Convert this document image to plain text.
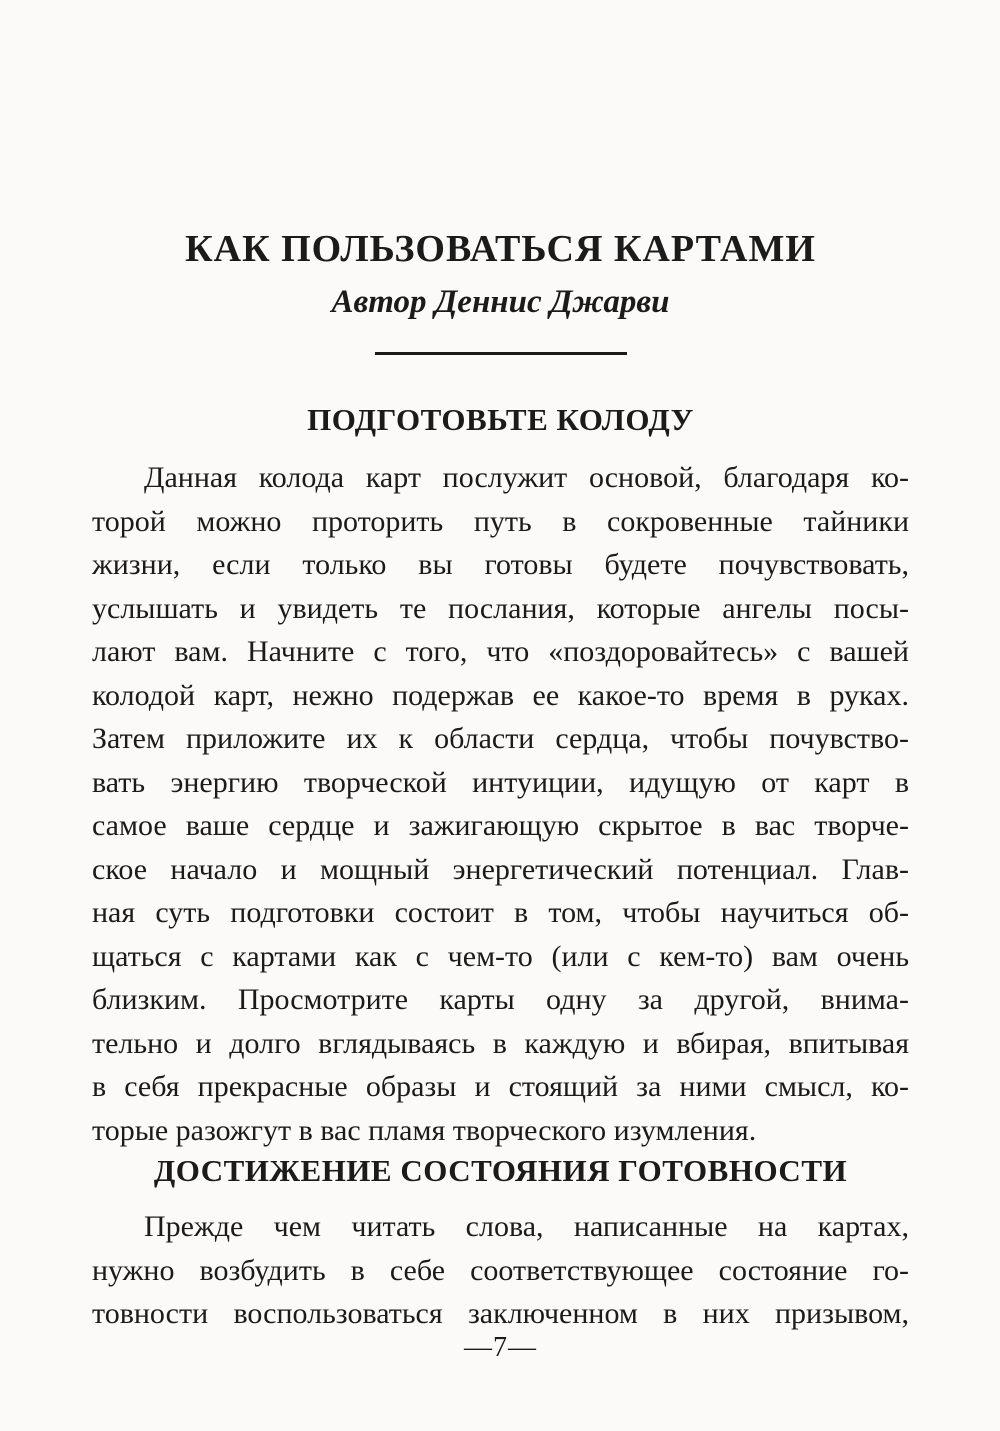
КАК ПОЛЬЗОВАТЬСЯ КАРТАМИ
Автор Деннис Джарви
ПОДГОТОВЬТЕ КОЛОДУ
Данная колода карт послужит основой, благодаря ко-
торой можно проторить путь в сокровенные тайники
жизни, если только вы готовы будете почувствовать,
услышать и увидеть те послания, которые ангелы посы-
лают вам. Начните с того, что «поздоровайтесь» с вашей
колодой карт, нежно подержав ее какое-то время в руках.
Затем приложите их к области сердца, чтобы почувство-
вать энергию творческой интуиции, идущую от карт в
самое ваше сердце и зажигающую скрытое в вас творче-
ское начало и мощный энергетический потенциал. Глав-
ная суть подготовки состоит в том, чтобы научиться об-
щаться с картами как с чем-то (или с кем-то) вам очень
близким. Просмотрите карты одну за другой, внима-
тельно и долго вглядываясь в каждую и вбирая, впитывая
в себя прекрасные образы и стоящий за ними смысл, ко-
торые разожгут в вас пламя творческого изумления.
ДОСТИЖЕНИЕ СОСТОЯНИЯ ГОТОВНОСТИ
Прежде чем читать слова, написанные на картах,
нужно возбудить в себе соответствующее состояние го-
товности воспользоваться заключенном в них призывом,
—7—
